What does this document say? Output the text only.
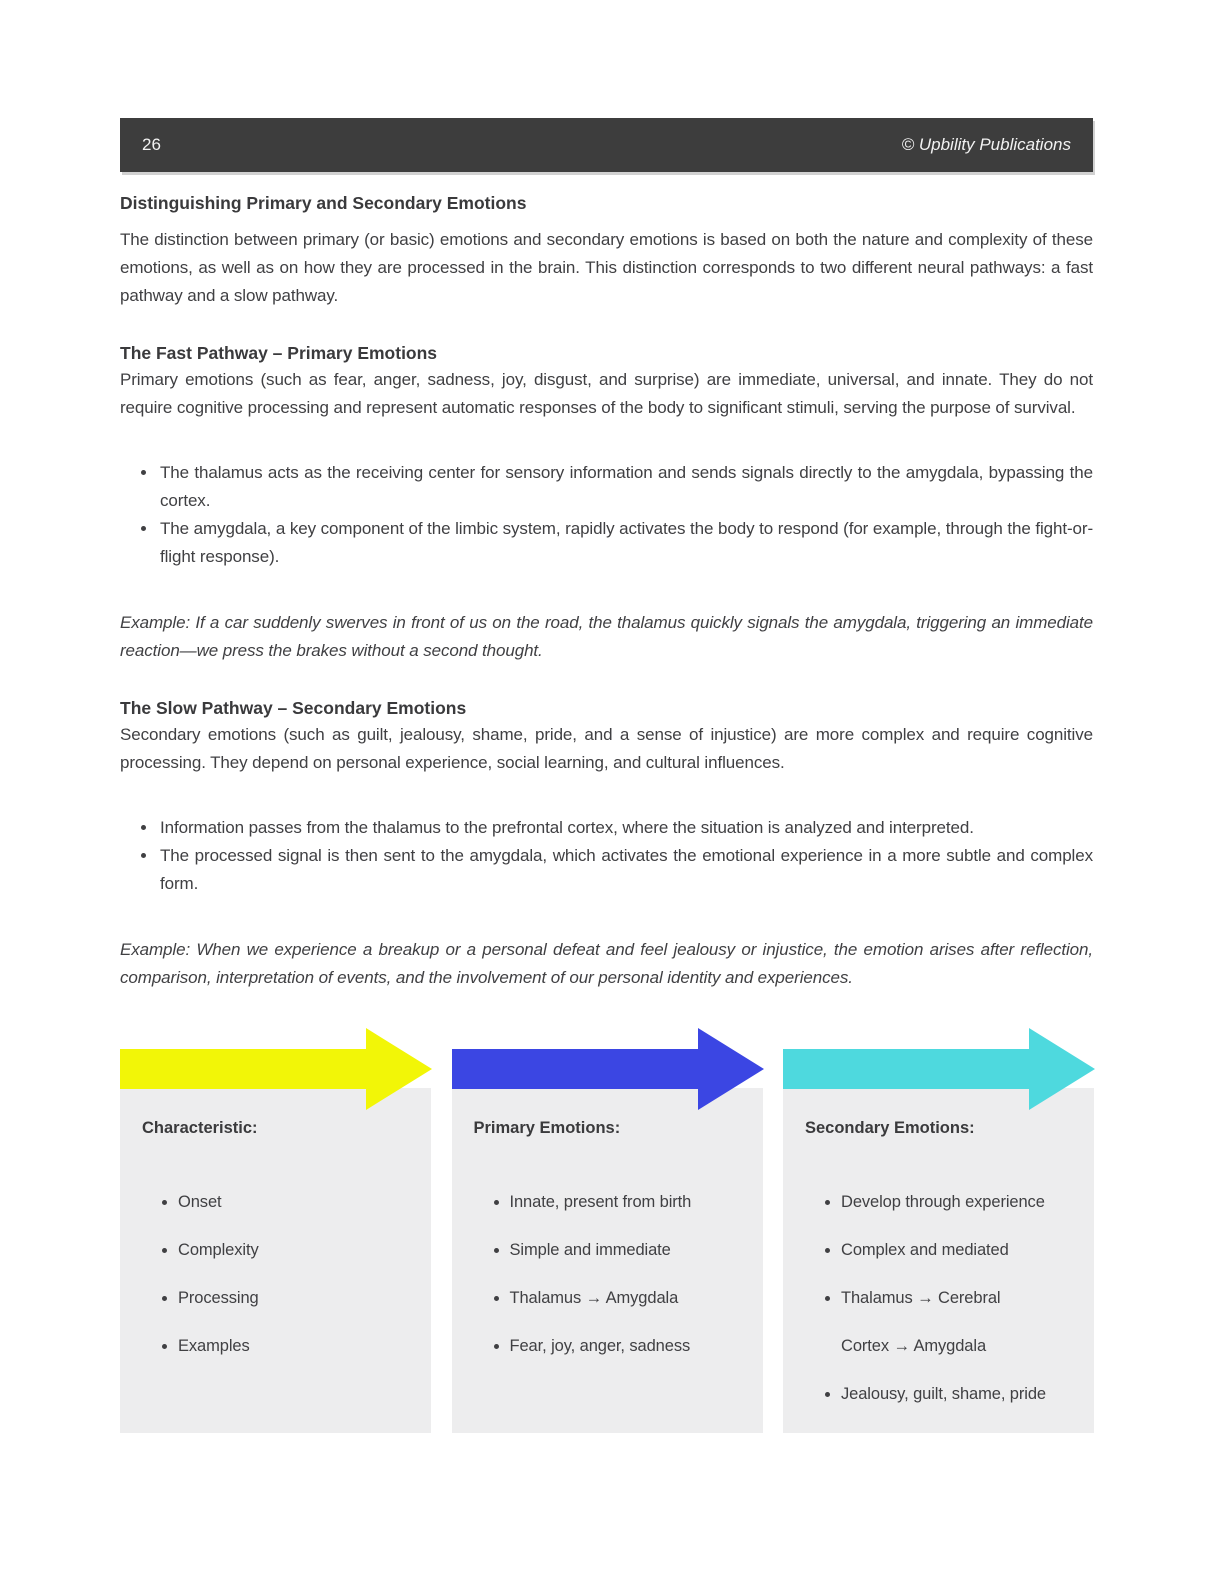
26	© Upbility Publications
Distinguishing Primary and Secondary Emotions

The distinction between primary (or basic) emotions and secondary emotions is based on both the nature and complexity of these emotions, as well as on how they are processed in the brain. This distinction corresponds to two different neural pathways: a fast pathway and a slow pathway.

The Fast Pathway – Primary Emotions

Primary emotions (such as fear, anger, sadness, joy, disgust, and surprise) are immediate, universal, and innate. They do not require cognitive processing and represent automatic responses of the body to significant stimuli, serving the purpose of survival.

• The thalamus acts as the receiving center for sensory information and sends signals directly to the amygdala, bypassing the cortex.
• The amygdala, a key component of the limbic system, rapidly activates the body to respond (for example, through the fight-or-flight response).

Example: If a car suddenly swerves in front of us on the road, the thalamus quickly signals the amygdala, triggering an immediate reaction—we press the brakes without a second thought.

The Slow Pathway – Secondary Emotions

Secondary emotions (such as guilt, jealousy, shame, pride, and a sense of injustice) are more complex and require cognitive processing. They depend on personal experience, social learning, and cultural influences.

• Information passes from the thalamus to the prefrontal cortex, where the situation is analyzed and interpreted.
• The processed signal is then sent to the amygdala, which activates the emotional experience in a more subtle and complex form.

Example: When we experience a breakup or a personal defeat and feel jealousy or injustice, the emotion arises after reflection, comparison, interpretation of events, and the involvement of our personal identity and experiences.

Characteristic:
• Onset
• Complexity
• Processing
• Examples
Primary Emotions:
• Innate, present from birth
• Simple and immediate
• Thalamus → Amygdala
• Fear, joy, anger, sadness
Secondary Emotions:
• Develop through experience
• Complex and mediated
• Thalamus → Cerebral Cortex → Amygdala
• Jealousy, guilt, shame, pride
